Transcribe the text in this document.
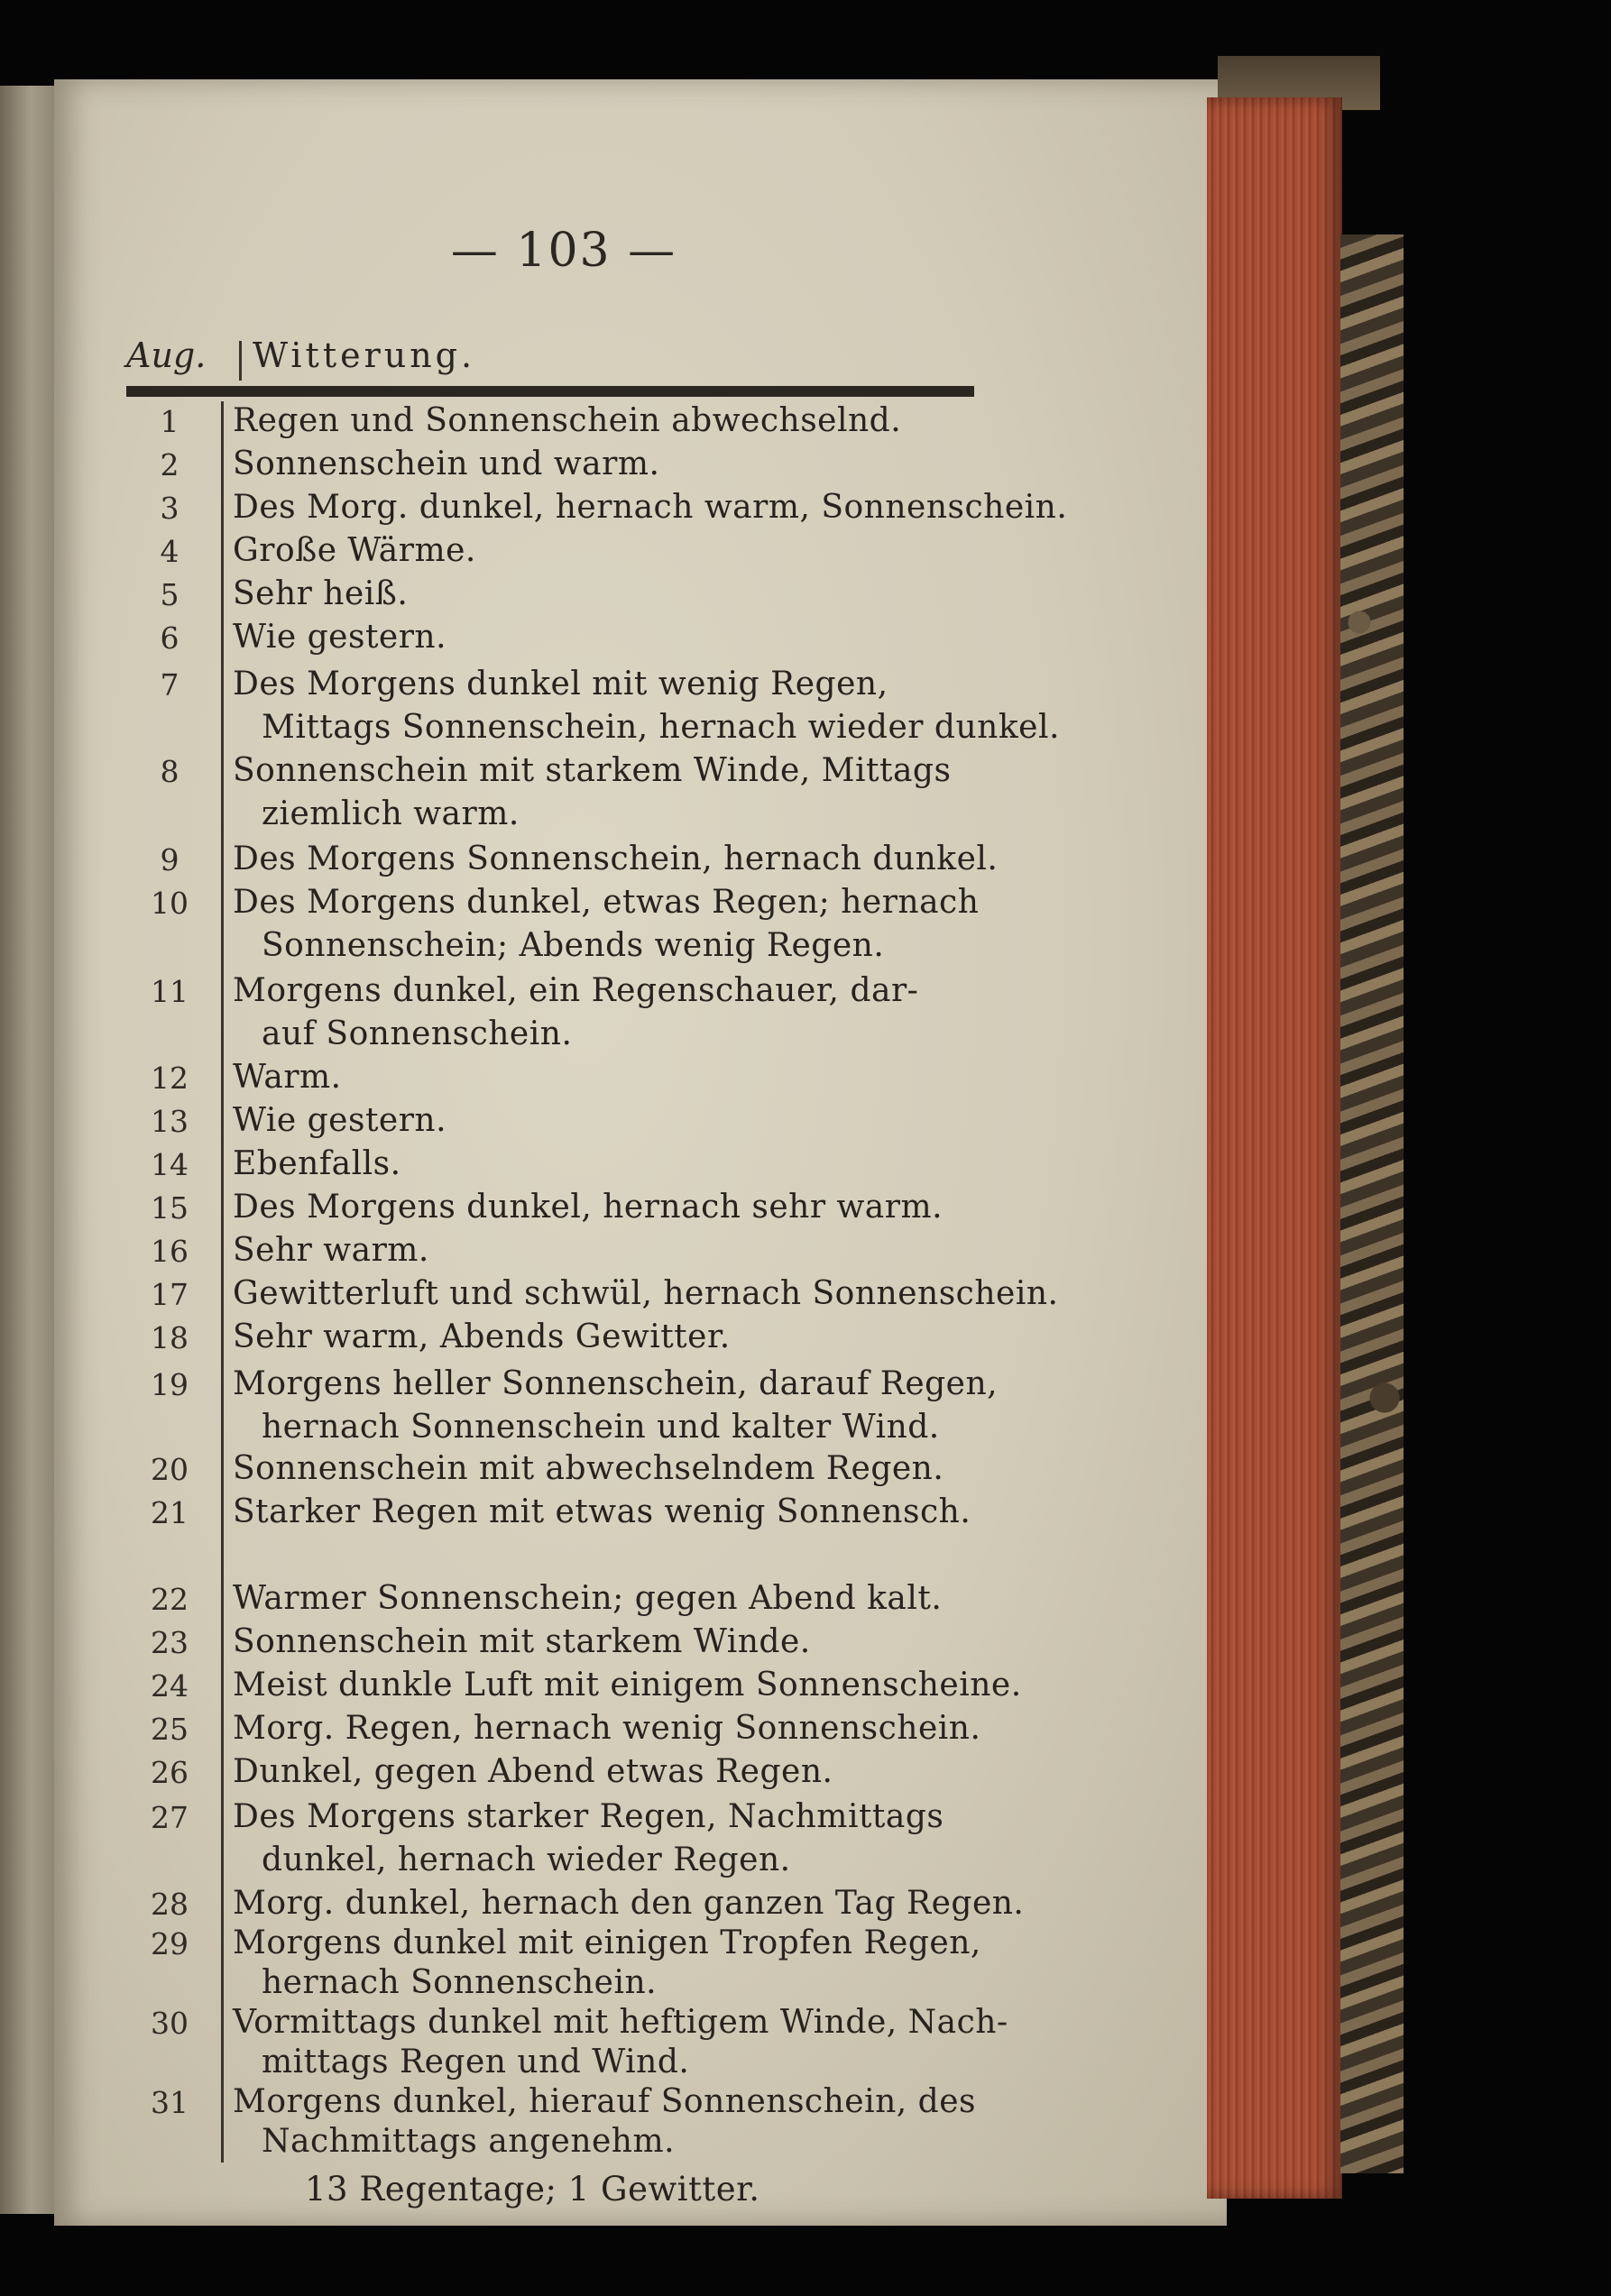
— 103 —
Aug. Witterung.
1	Regen und Sonnenschein abwechselnd.
2	Sonnenschein und warm.
3	Des Morg. dunkel, hernach warm, Sonnenschein.
4	Große Wärme.
5	Sehr heiß.
6	Wie gestern.
7	Des Morgens dunkel mit wenig Regen,
Mittags Sonnenschein, hernach wieder dunkel.
8	Sonnenschein mit starkem Winde, Mittags
ziemlich warm.
9	Des Morgens Sonnenschein, hernach dunkel.
10 Des Morgens dunkel, etwas Regen; hernach
Sonnenschein; Abends wenig Regen.
11 Morgens dunkel, ein Regenschauer, dar-
auf Sonnenschein.
12 Warm.
13 Wie gestern.
14 Ebenfalls.
15 Des Morgens dunkel, hernach sehr warm.
16 Sehr warm.
17 Gewitterluft und schwül, hernach Sonnenschein.
18 Sehr warm, Abends Gewitter.
19 Morgens heller Sonnenschein, darauf Regen,
hernach Sonnenschein und kalter Wind.
20 Sonnenschein mit abwechselndem Regen.
21 Starker Regen mit etwas wenig Sonnensch.
22 Warmer Sonnenschein; gegen Abend kalt.
23 Sonnenschein mit starkem Winde.
24 Meist dunkle Luft mit einigem Sonnenscheine.
25 Morg. Regen, hernach wenig Sonnenschein.
26 Dunkel, gegen Abend etwas Regen.
27 Des Morgens starker Regen, Nachmittags
dunkel, hernach wieder Regen.
28 Morg. dunkel, hernach den ganzen Tag Regen.
29 Morgens dunkel mit einigen Tropfen Regen,
hernach Sonnenschein.
30 Vormittags dunkel mit heftigem Winde, Nach-
mittags Regen und Wind.
31 Morgens dunkel, hierauf Sonnenschein, des
Nachmittags angenehm.
13 Regentage; 1 Gewitter.
